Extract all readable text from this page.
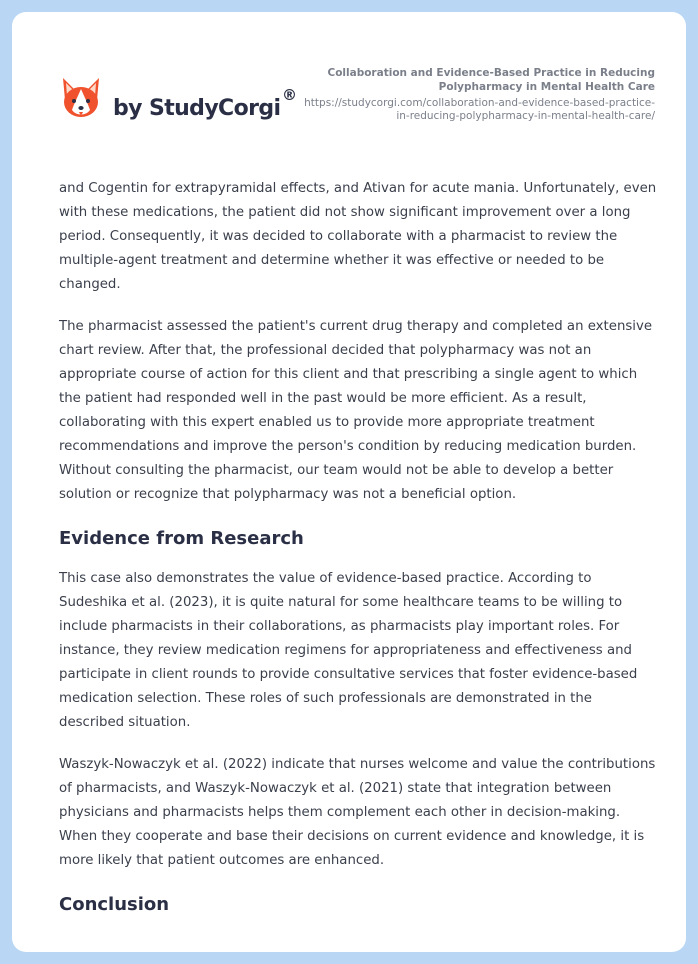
by StudyCorgi
®
Collaboration and Evidence-Based Practice in Reducing Polypharmacy in Mental Health Care
https://studycorgi.com/collaboration-and-evidence-based-practice-in-reducing-polypharmacy-in-mental-health-care/

and Cogentin for extrapyramidal effects, and Ativan for acute mania. Unfortunately, even with these medications, the patient did not show significant improvement over a long period. Consequently, it was decided to collaborate with a pharmacist to review the multiple-agent treatment and determine whether it was effective or needed to be changed.

The pharmacist assessed the patient's current drug therapy and completed an extensive chart review. After that, the professional decided that polypharmacy was not an appropriate course of action for this client and that prescribing a single agent to which the patient had responded well in the past would be more efficient. As a result, collaborating with this expert enabled us to provide more appropriate treatment recommendations and improve the person's condition by reducing medication burden. Without consulting the pharmacist, our team would not be able to develop a better solution or recognize that polypharmacy was not a beneficial option.

Evidence from Research

This case also demonstrates the value of evidence-based practice. According to Sudeshika et al. (2023), it is quite natural for some healthcare teams to be willing to include pharmacists in their collaborations, as pharmacists play important roles. For instance, they review medication regimens for appropriateness and effectiveness and participate in client rounds to provide consultative services that foster evidence-based medication selection. These roles of such professionals are demonstrated in the described situation.

Waszyk-Nowaczyk et al. (2022) indicate that nurses welcome and value the contributions of pharmacists, and Waszyk-Nowaczyk et al. (2021) state that integration between physicians and pharmacists helps them complement each other in decision-making. When they cooperate and base their decisions on current evidence and knowledge, it is more likely that patient outcomes are enhanced.

Conclusion
